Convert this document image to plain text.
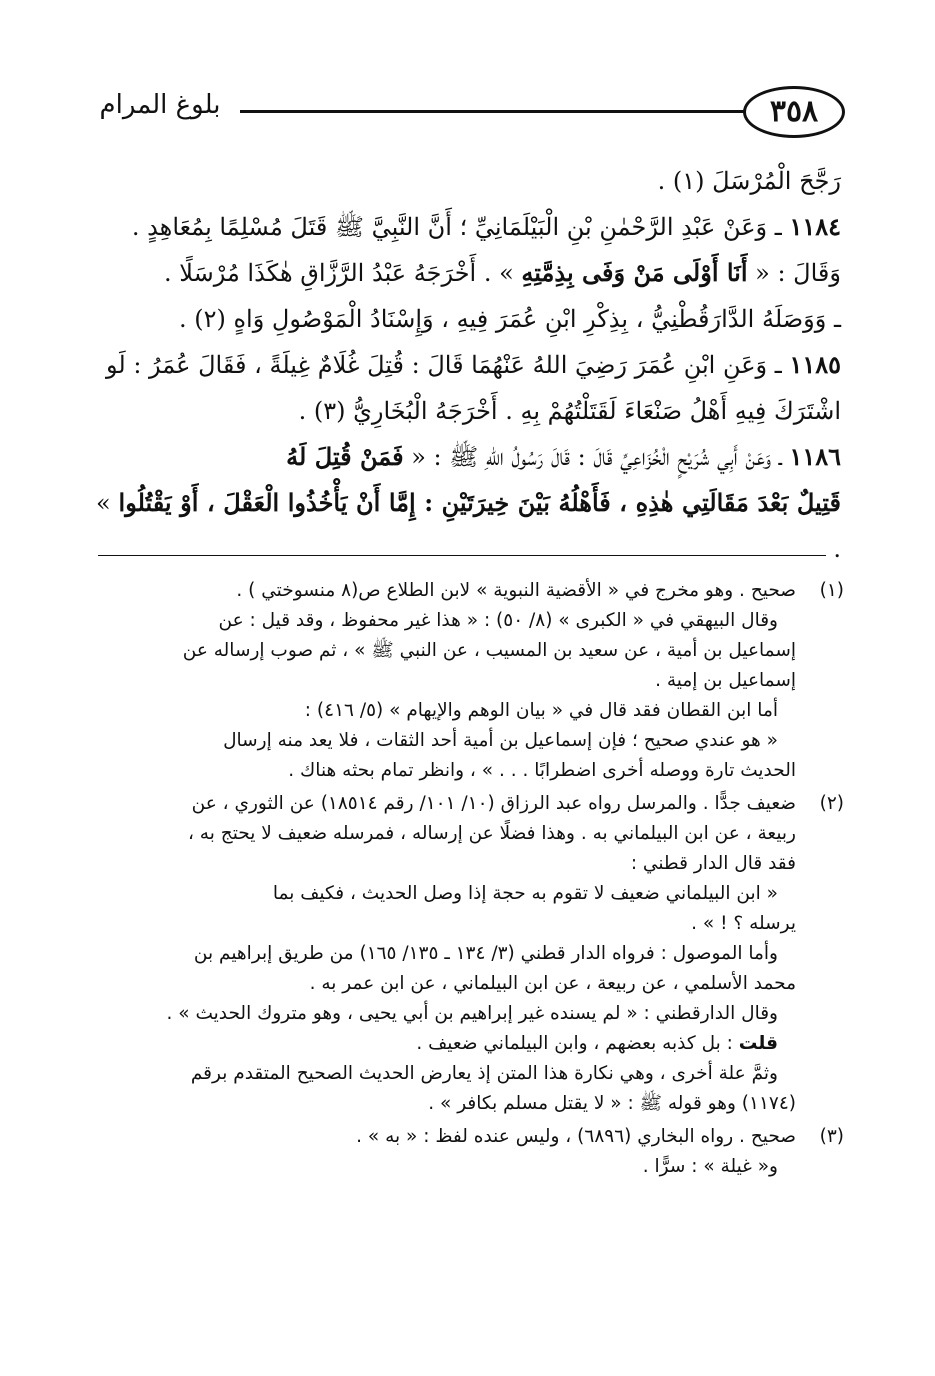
٣٥٨
بلوغ المرام

رَجَّحَ الْمُرْسَلَ (١) .

١١٨٤ ـ وَعَنْ عَبْدِ الرَّحْمٰنِ بْنِ الْبَيْلَمَانِيِّ ؛ أَنَّ النَّبِيَّ ﷺ قَتَلَ مُسْلِمًا بِمُعَاهِدٍ .

وَقَالَ : « أَنَا أَوْلَى مَنْ وَفَى بِذِمَّتِهِ » . أَخْرَجَهُ عَبْدُ الرَّزَّاقِ هٰكَذَا مُرْسَلًا .

ـ وَوَصَلَهُ الدَّارَقُطْنِيُّ ، بِذِكْرِ ابْنِ عُمَرَ فِيهِ ، وَإِسْنَادُ الْمَوْصُولِ وَاهٍ (٢) .

١١٨٥ ـ وَعَنِ ابْنِ عُمَرَ رَضِيَ اللهُ عَنْهُمَا قَالَ : قُتِلَ غُلَامٌ غِيلَةً ، فَقَالَ عُمَرُ : لَو

اشْتَرَكَ فِيهِ أَهْلُ صَنْعَاءَ لَقَتَلْتُهُمْ بِهِ . أَخْرَجَهُ الْبُخَارِيُّ (٣) .

١١٨٦ ـ وَعَنْ أَبِي شُرَيْحٍ الْخُزَاعِيِّ قَالَ : قَالَ رَسُولُ اللهِ ﷺ : « فَمَنْ قُتِلَ لَهُ

قَتِيلٌ بَعْدَ مَقَالَتِي هٰذِهِ ، فَأَهْلُهُ بَيْنَ خِيرَتَيْنِ : إِمَّا أَنْ يَأْخُذُوا الْعَقْلَ ، أَوْ يَقْتُلُوا » .

(١)

صحيح . وهو مخرج في « الأقضية النبوية » لابن الطلاع ص(٨ منسوختي ) .

وقال البيهقي في « الكبرى » (٨/ ٥٠) : « هذا غير محفوظ ، وقد قيل : عن

إسماعيل بن أمية ، عن سعيد بن المسيب ، عن النبي ﷺ » ، ثم صوب إرساله عن

إسماعيل بن إمية .

أما ابن القطان فقد قال في « بيان الوهم والإيهام » (٥/ ٤١٦) :

« هو عندي صحيح ؛ فإن إسماعيل بن أمية أحد الثقات ، فلا يعد منه إرسال

الحديث تارة ووصله أخرى اضطرابًا . . . » ، وانظر تمام بحثه هناك .

(٢)

ضعيف جدًّا . والمرسل رواه عبد الرزاق (١٠/ ١٠١/ رقم ١٨٥١٤) عن الثوري ، عن

ربيعة ، عن ابن البيلماني به . وهذا فضلًا عن إرساله ، فمرسله ضعيف لا يحتج به ،

فقد قال الدار قطني :

« ابن البيلماني ضعيف لا تقوم به حجة إذا وصل الحديث ، فكيف بما

يرسله ؟ ! » .

وأما الموصول : فرواه الدار قطني (٣/ ١٣٤ ـ ١٣٥/ ١٦٥) من طريق إبراهيم بن

محمد الأسلمي ، عن ربيعة ، عن ابن البيلماني ، عن ابن عمر به .

وقال الدارقطني : « لم يسنده غير إبراهيم بن أبي يحيى ، وهو متروك الحديث » .

قلت : بل كذبه بعضهم ، وابن البيلماني ضعيف .

وثمَّ علة أخرى ، وهي نكارة هذا المتن إذ يعارض الحديث الصحيح المتقدم برقم

(١١٧٤) وهو قوله ﷺ : « لا يقتل مسلم بكافر » .

(٣)

صحيح . رواه البخاري (٦٨٩٦) ، وليس عنده لفظ : « به » .

و« غيلة » : سرًّا .
